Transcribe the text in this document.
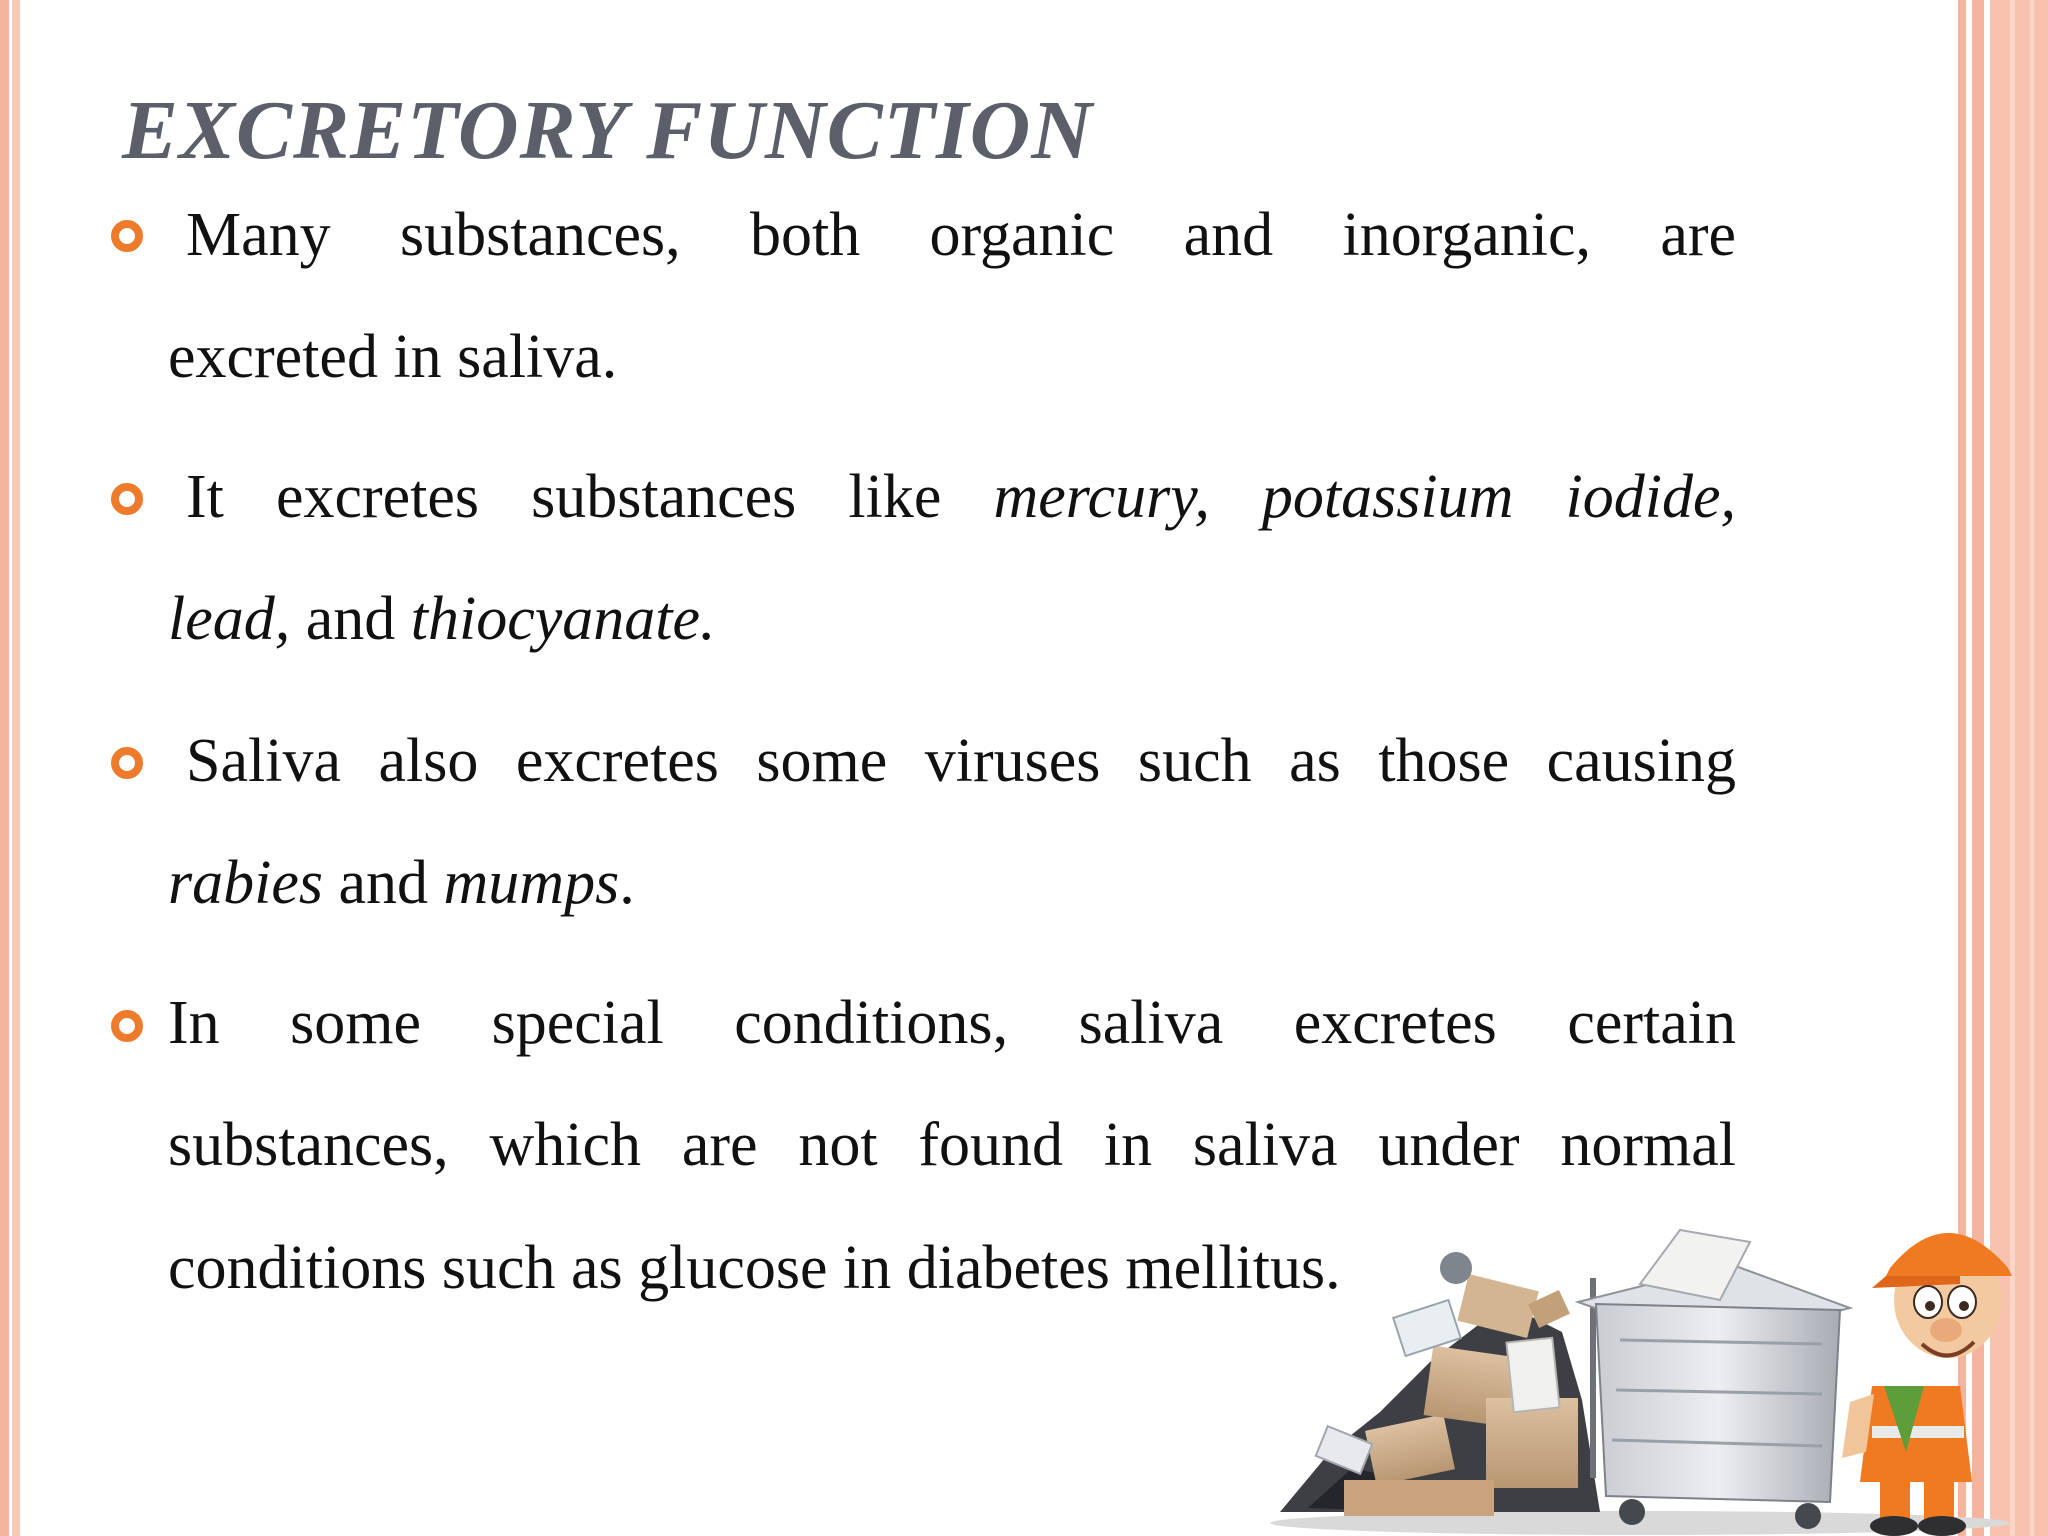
EXCRETORY FUNCTION

Many substances, both organic and inorganic, are

excreted in saliva.

It excretes substances like mercury, potassium iodide,

lead, and thiocyanate.

Saliva also excretes some viruses such as those causing

rabies and mumps.

In some special conditions, saliva excretes certain

substances, which are not found in saliva under normal

conditions such as glucose in diabetes mellitus.
